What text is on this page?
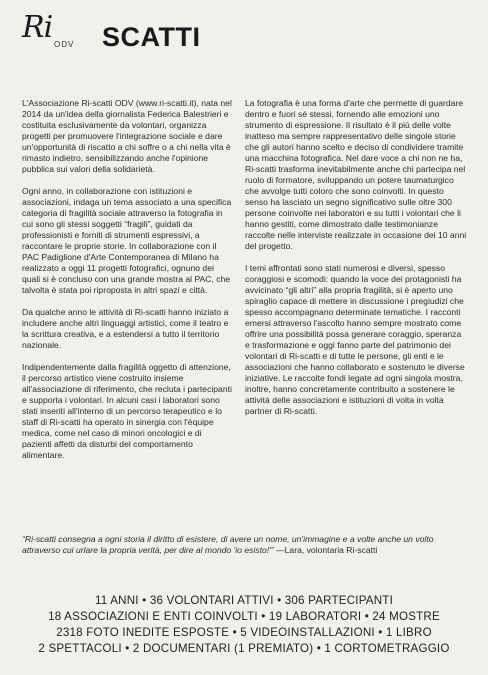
Ri ODV SCATTI

L'Associazione Ri-scatti ODV (www.ri-scatti.it), nata nel 2014 da un'idea della giornalista Federica Balestrieri e costituita esclusivamente da volontari, organizza progetti per promuovere l'integrazione sociale e dare un'opportunità di riscatto a chi soffre o a chi nella vita è rimasto indietro, sensibilizzando anche l'opinione pubblica sui valori della solidarietà.

Ogni anno, in collaborazione con istituzioni e associazioni, indaga un tema associato a una specifica categoria di fragilità sociale attraverso la fotografia in cui sono gli stessi soggetti “fragili”, guidati da professionisti e forniti di strumenti espressivi, a raccontare le proprie storie. In collaborazione con il PAC Padiglione d'Arte Contemporanea di Milano ha realizzato a oggi 11 progetti fotografici, ognuno dei quali si è concluso con una grande mostra al PAC, che talvolta è stata poi riproposta in altri spazi e città.

Da qualche anno le attività di Ri-scatti hanno iniziato a includere anche altri linguaggi artistici, come il teatro e la scrittura creativa, e a estendersi a tutto il territorio nazionale.

Indipendentemente dalla fragilità oggetto di attenzione, il percorso artistico viene costruito insieme all'associazione di riferimento, che recluta i partecipanti e supporta i volontari. In alcuni casi i laboratori sono stati inseriti all'interno di un percorso terapeutico e lo staff di Ri-scatti ha operato in sinergia con l'équipe medica, come nel caso di minori oncologici e di pazienti affetti da disturbi del comportamento alimentare.

La fotografia è una forma d'arte che permette di guardare dentro e fuori sé stessi, fornendo alle emozioni uno strumento di espressione. Il risultato è il più delle volte inatteso ma sempre rappresentativo delle singole storie che gli autori hanno scelto e deciso di condividere tramite una macchina fotografica. Nel dare voce a chi non ne ha, Ri-scatti trasforma inevitabilmente anche chi partecipa nel ruolo di formatore, sviluppando un potere taumaturgico che avvolge tutti coloro che sono coinvolti. In questo senso ha lasciato un segno significativo sulle oltre 300 persone coinvolte nei laboratori e su tutti i volontari che li hanno gestiti, come dimostrato dalle testimonianze raccolte nelle interviste realizzate in occasione dei 10 anni del progetto.

I temi affrontati sono stati numerosi e diversi, spesso coraggiosi e scomodi: quando la voce dei protagonisti ha avvicinato “gli altri” alla propria fragilità, si è aperto uno spiraglio capace di mettere in discussione i pregiudizi che spesso accompagnano determinate tematiche. I racconti emersi attraverso l'ascolto hanno sempre mostrato come offrire una possibilità possa generare coraggio, speranza e trasformazione e oggi fanno parte del patrimonio dei volontari di Ri-scatti e di tutte le persone, gli enti e le associazioni che hanno collaborato e sostenuto le diverse iniziative. Le raccolte fondi legate ad ogni singola mostra, inoltre, hanno concretamente contribuito a sostenere le attività delle associazioni e istituzioni di volta in volta partner di Ri-scatti.

“Ri-scatti consegna a ogni storia il diritto di esistere, di avere un nome, un'immagine e a volte anche un volto attraverso cui urlare la propria verità, per dire al mondo 'io esisto!'” —Lara, volontaria Ri-scatti
11 ANNI • 36 VOLONTARI ATTIVI • 306 PARTECIPANTI
18 ASSOCIAZIONI E ENTI COINVOLTI • 19 LABORATORI • 24 MOSTRE
2318 FOTO INEDITE ESPOSTE • 5 VIDEOINSTALLAZIONI • 1 LIBRO
2 SPETTACOLI • 2 DOCUMENTARI (1 PREMIATO) • 1 CORTOMETRAGGIO
